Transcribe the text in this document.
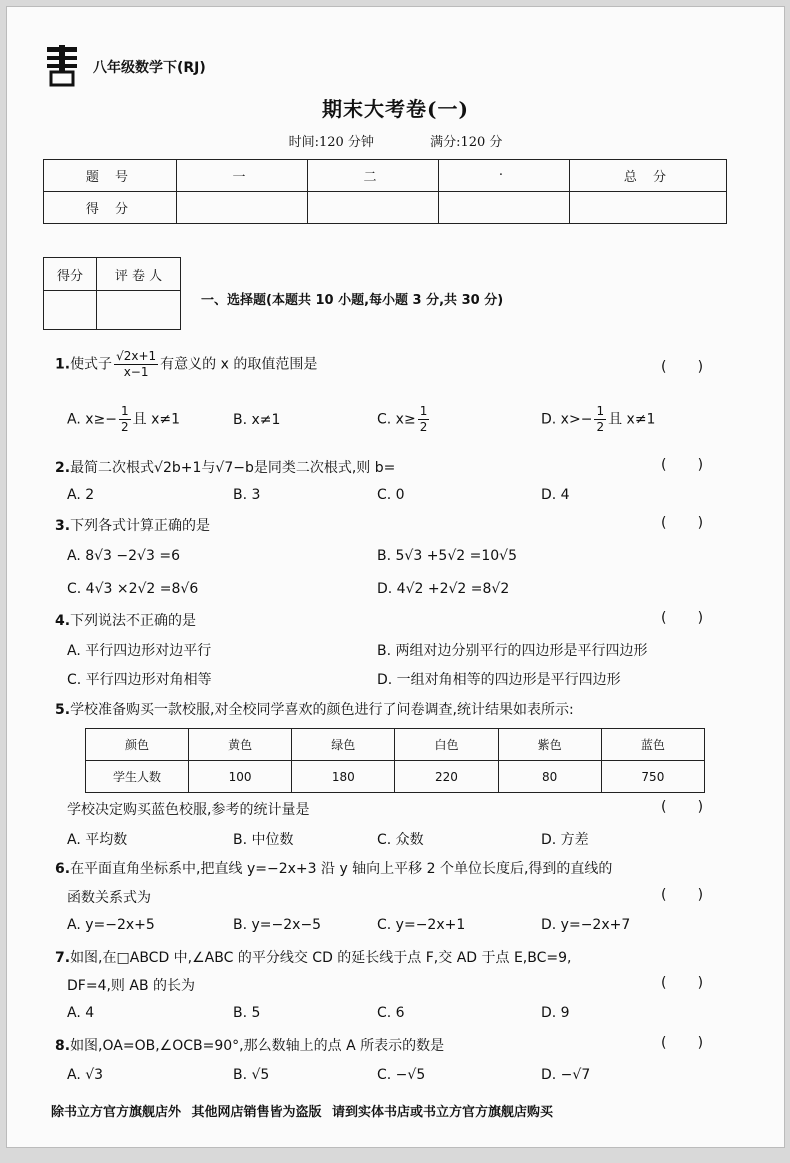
八年级数学下(RJ)
期末大考卷(一)
时间:120 分钟	满分:120 分
题 号	一	二	·	总 分
得 分				
得分	评 卷 人

一、选择题(本题共 10 小题,每小题 3 分,共 30 分)
1.使式子 $\frac{√2x+1}{x-1}$ 有意义的 x 的取值范围是	(       )
A. $x\ge- \frac{1}{2}$ 且 x≠1	B. x≠1	C. $x\ge \frac{1}{2}$	D. $x>- \frac{1}{2}$ 且 x≠1
2.最简二次根式√2b+1与√7−b是同类二次根式,则 b=	(       )
A. 2	B. 3	C. 0	D. 4
3.下列各式计算正确的是	(       )
A. 8√3 −2√3 =6	B. 5√3 +5√2 =10√5
C. 4√3 ×2√2 =8√6	D. 4√2 +2√2 =8√2
4.下列说法不正确的是	(       )
A. 平行四边形对边平行	B. 两组对边分别平行的四边形是平行四边形
C. 平行四边形对角相等	D. 一组对角相等的四边形是平行四边形
5.学校准备购买一款校服,对全校同学喜欢的颜色进行了问卷调查,统计结果如表所示:
颜色	黄色	绿色	白色	紫色	蓝色
学生人数	100	180	220	80	750
学校决定购买蓝色校服,参考的统计量是	(       )
A. 平均数	B. 中位数	C. 众数	D. 方差
6.在平面直角坐标系中,把直线 y=−2x+3 沿 y 轴向上平移 2 个单位长度后,得到的直线的
函数关系式为	(       )
A. y=−2x+5	B. y=−2x−5	C. y=−2x+1	D. y=−2x+7
7.如图,在□ABCD 中,∠ABC 的平分线交 CD 的延长线于点 F,交 AD 于点 E,BC=9,
DF=4,则 AB 的长为	(       )
A. 4	B. 5	C. 6	D. 9
8.如图,OA=OB,∠OCB=90°,那么数轴上的点 A 所表示的数是	(       )
A. √3	B. √5	C. −√5	D. −√7
除书立方官方旗舰店外 其他网店销售皆为盗版 请到实体书店或书立方官方旗舰店购买
